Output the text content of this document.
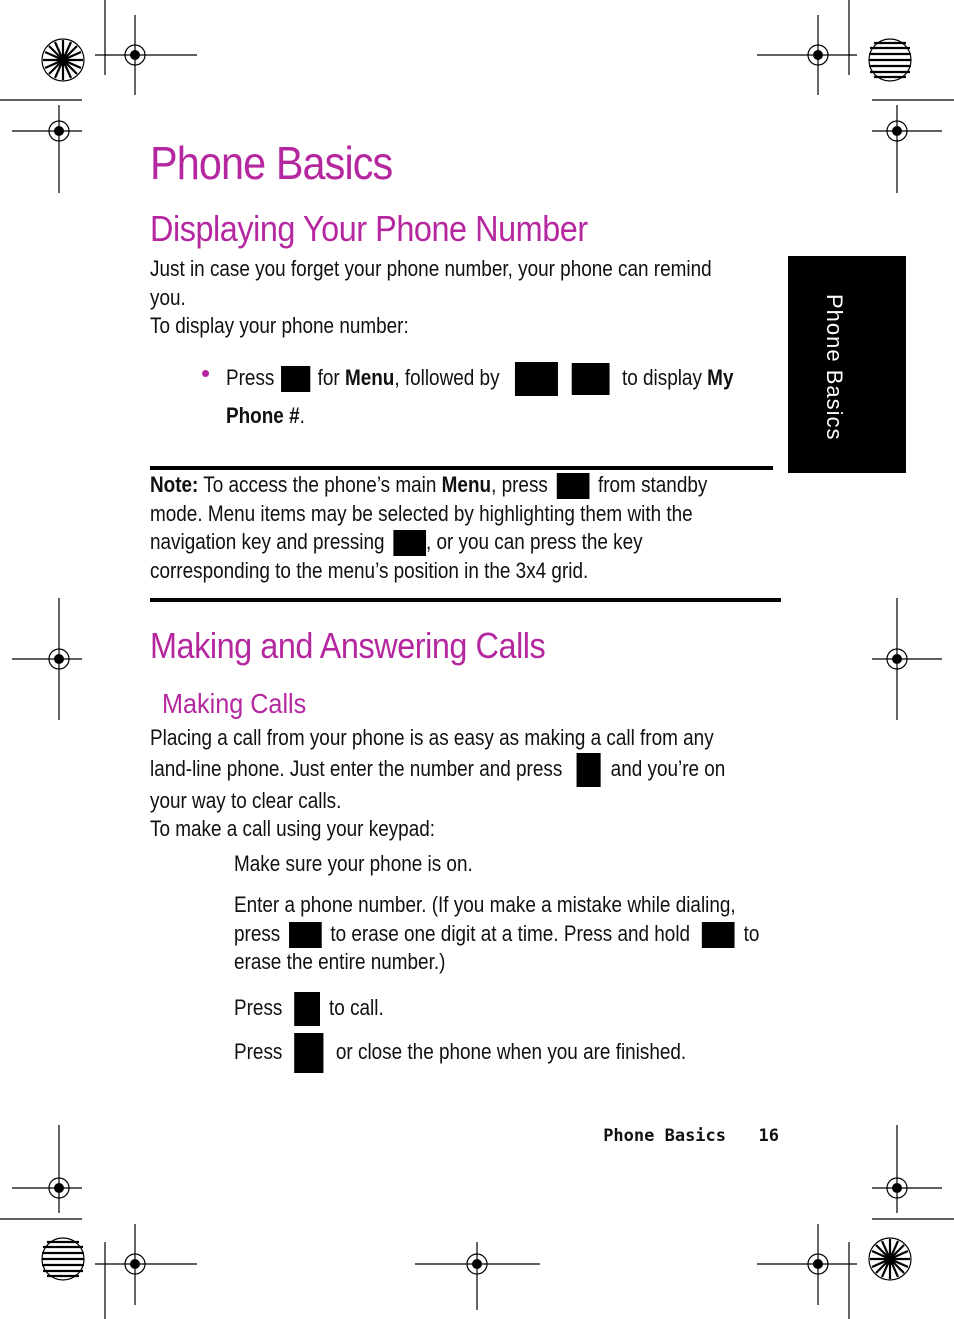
Phone Basics
Phone Basics
Displaying Your Phone Number
Just in case you forget your phone number, your phone can remind
you.
To display your phone number:
• Press for Menu, followed by	to display My
Phone #.
Note: To access the phone’s main Menu, press from standby
mode. Menu items may be selected by highlighting them with the
navigation key and pressing , or you can press the key
corresponding to the menu’s position in the 3x4 grid.
Making and Answering Calls
Making Calls
Placing a call from your phone is as easy as making a call from any
land-line phone. Just enter the number and press and you’re on
your way to clear calls.
To make a call using your keypad:
Make sure your phone is on.
Enter a phone number. (If you make a mistake while dialing,
press to erase one digit at a time. Press and hold to
erase the entire number.)
Press to call.
Press or close the phone when you are finished.
Phone Basics 16
